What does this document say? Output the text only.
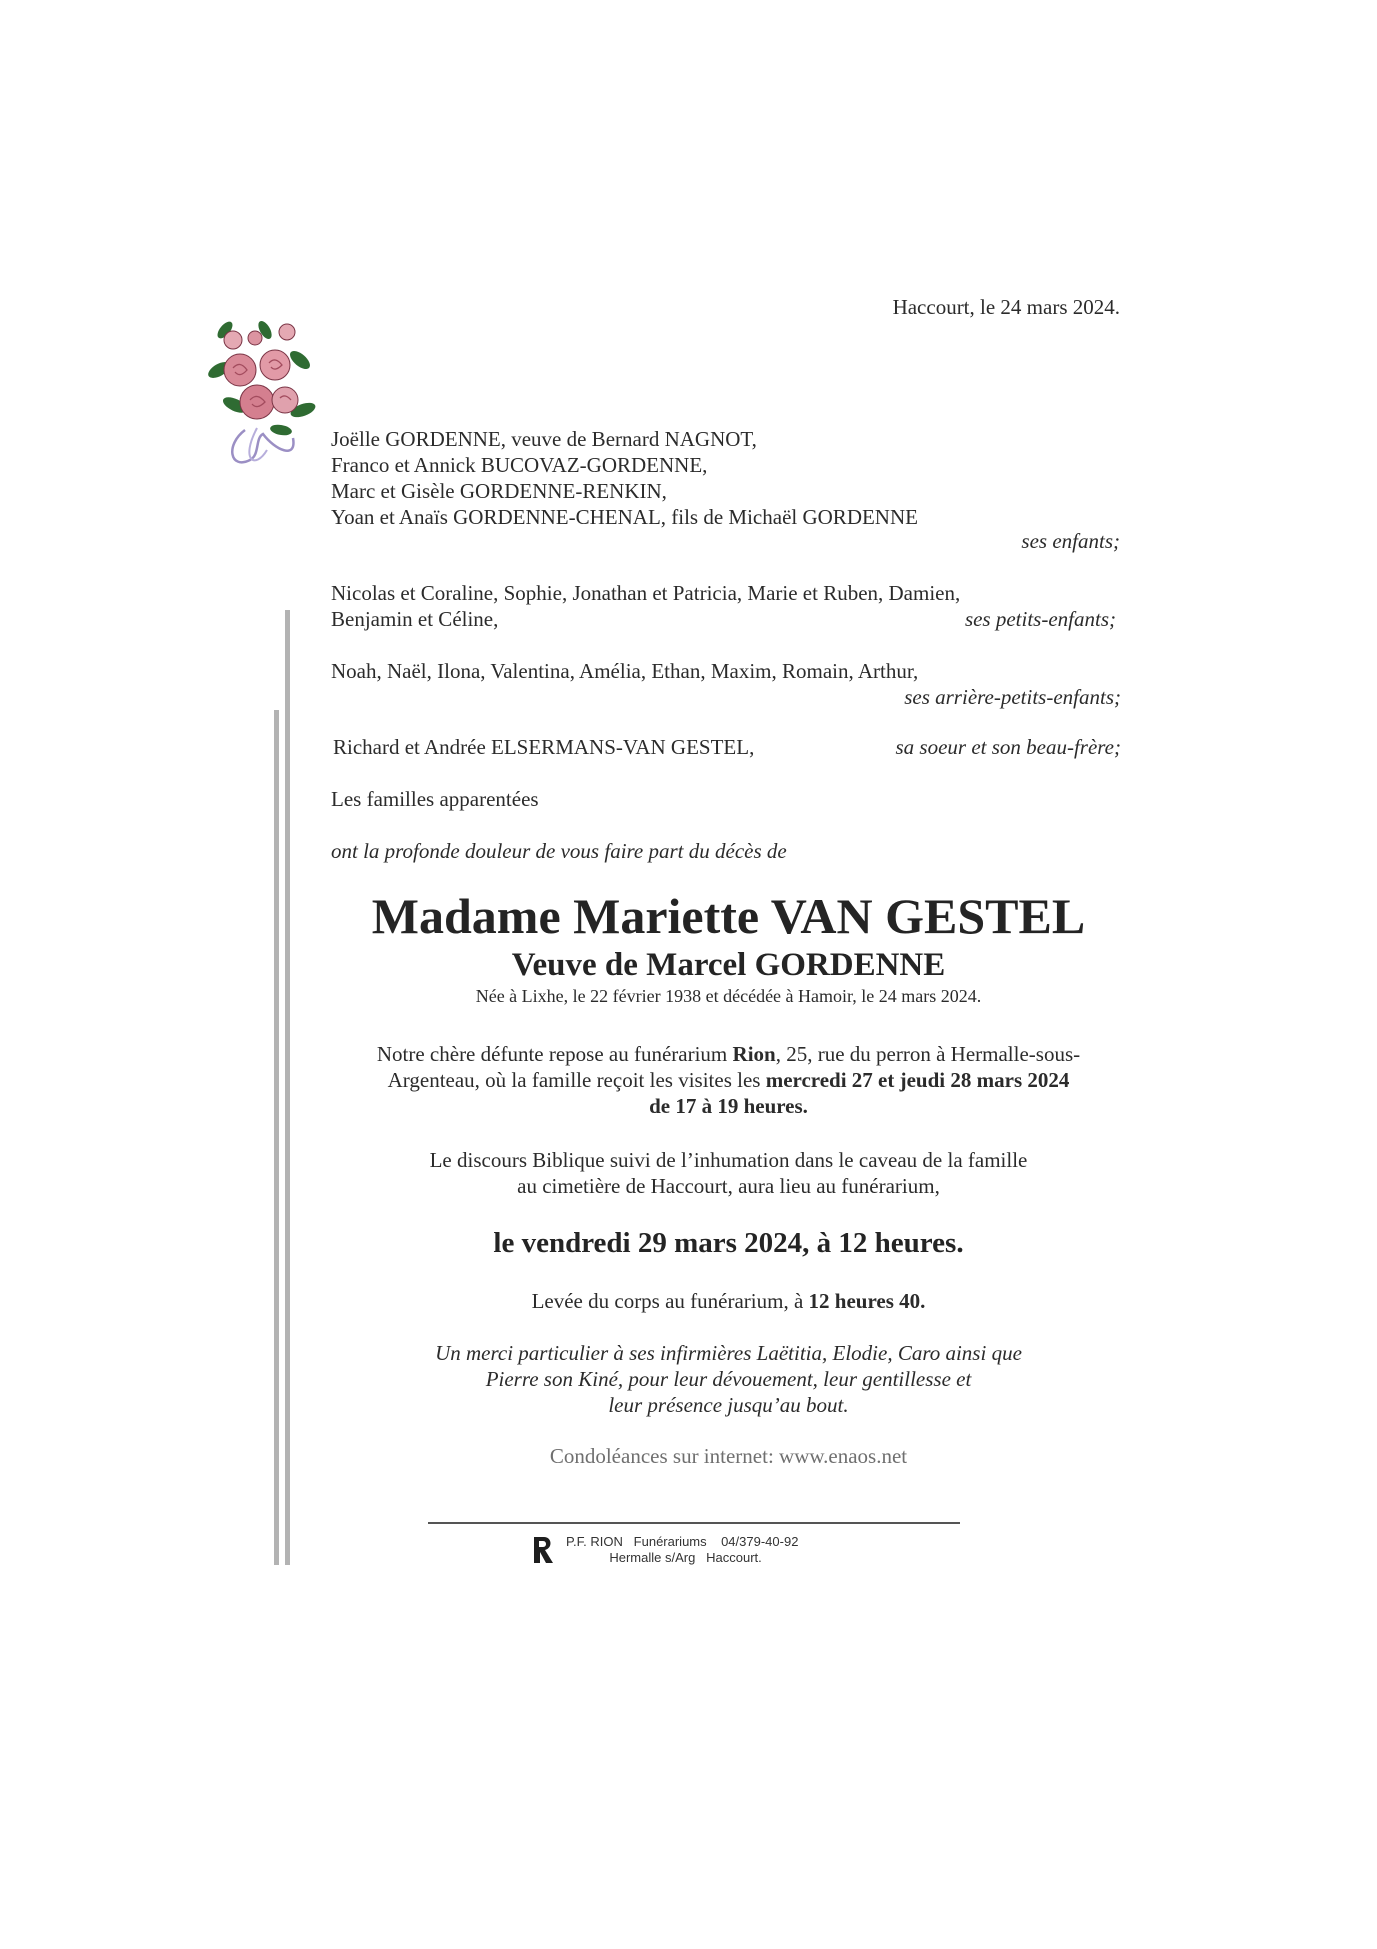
Haccourt, le 24 mars 2024.
Joëlle GORDENNE, veuve de Bernard NAGNOT,
Franco et Annick BUCOVAZ-GORDENNE,
Marc et Gisèle GORDENNE-RENKIN,
Yoan et Anaïs GORDENNE-CHENAL, fils de Michaël GORDENNE
ses enfants;
Nicolas et Coraline, Sophie, Jonathan et Patricia, Marie et Ruben, Damien,
Benjamin et Céline,	ses petits-enfants;
Noah, Naël, Ilona, Valentina, Amélia, Ethan, Maxim, Romain, Arthur,
ses arrière-petits-enfants;
Richard et Andrée ELSERMANS-VAN GESTEL,	sa soeur et son beau-frère;
Les familles apparentées
ont la profonde douleur de vous faire part du décès de
Madame Mariette VAN GESTEL
Veuve de Marcel GORDENNE
Née à Lixhe, le 22 février 1938 et décédée à Hamoir, le 24 mars 2024.
Notre chère défunte repose au funérarium Rion, 25, rue du perron à Hermalle-sous-
Argenteau, où la famille reçoit les visites les mercredi 27 et jeudi 28 mars 2024
de 17 à 19 heures.
Le discours Biblique suivi de l’inhumation dans le caveau de la famille
au cimetière de Haccourt, aura lieu au funérarium,
le vendredi 29 mars 2024, à 12 heures.
Levée du corps au funérarium, à 12 heures 40.
Un merci particulier à ses infirmières Laëtitia, Elodie, Caro ainsi que
Pierre son Kiné, pour leur dévouement, leur gentillesse et
leur présence jusqu’au bout.
Condoléances sur internet: www.enaos.net
P.F. RION   Funérariums    04/379-40-92
Hermalle s/Arg   Haccourt.
